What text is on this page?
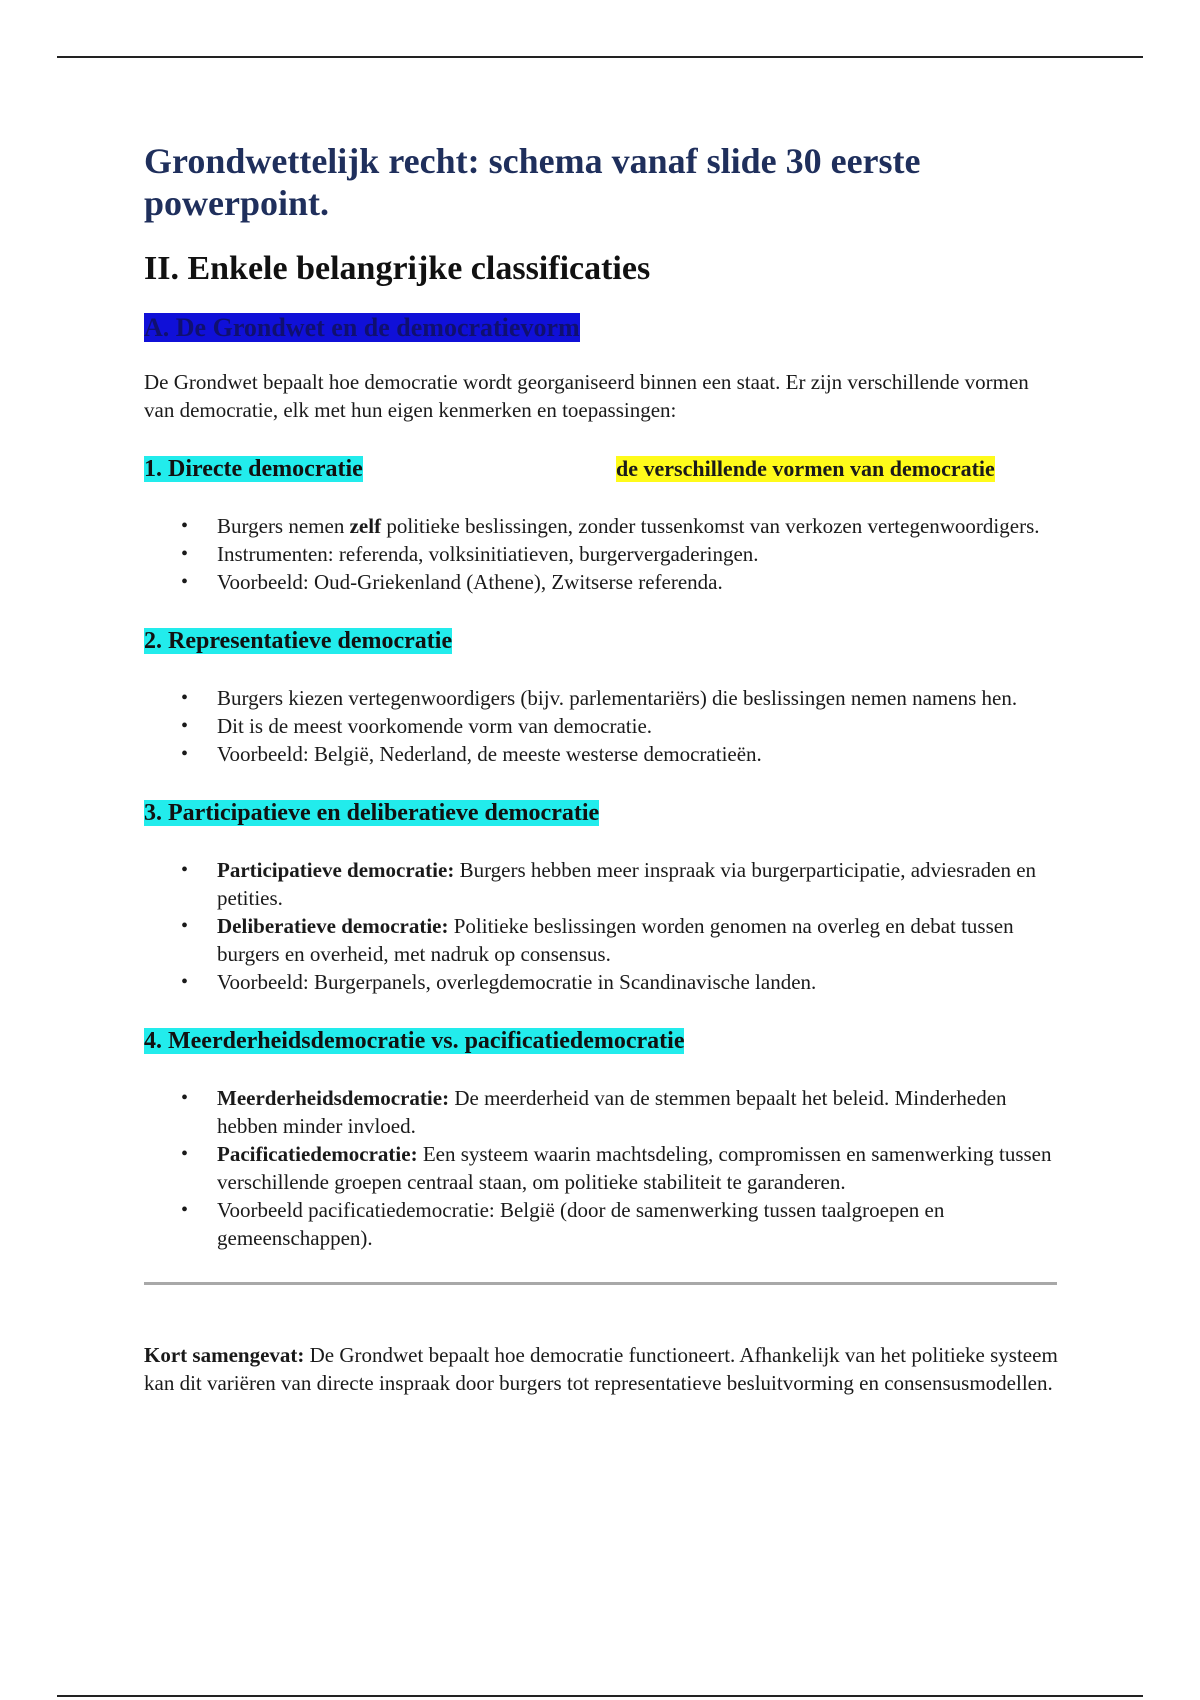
Grondwettelijk recht: schema vanaf slide 30 eerste powerpoint.
II. Enkele belangrijke classificaties
A. De Grondwet en de democratievorm

De Grondwet bepaalt hoe democratie wordt georganiseerd binnen een staat. Er zijn verschillende vormen van democratie, elk met hun eigen kenmerken en toepassingen:

1. Directe democratie	de verschillende vormen van democratie
• Burgers nemen zelf politieke beslissingen, zonder tussenkomst van verkozen vertegenwoordigers.
• Instrumenten: referenda, volksinitiatieven, burgervergaderingen.
• Voorbeeld: Oud-Griekenland (Athene), Zwitserse referenda.
2. Representatieve democratie
• Burgers kiezen vertegenwoordigers (bijv. parlementariërs) die beslissingen nemen namens hen.
• Dit is de meest voorkomende vorm van democratie.
• Voorbeeld: België, Nederland, de meeste westerse democratieën.
3. Participatieve en deliberatieve democratie
• Participatieve democratie: Burgers hebben meer inspraak via burgerparticipatie, adviesraden en petities.
• Deliberatieve democratie: Politieke beslissingen worden genomen na overleg en debat tussen burgers en overheid, met nadruk op consensus.
• Voorbeeld: Burgerpanels, overlegdemocratie in Scandinavische landen.
4. Meerderheidsdemocratie vs. pacificatiedemocratie
• Meerderheidsdemocratie: De meerderheid van de stemmen bepaalt het beleid. Minderheden hebben minder invloed.
• Pacificatiedemocratie: Een systeem waarin machtsdeling, compromissen en samenwerking tussen verschillende groepen centraal staan, om politieke stabiliteit te garanderen.
• Voorbeeld pacificatiedemocratie: België (door de samenwerking tussen taalgroepen en gemeenschappen).

Kort samengevat: De Grondwet bepaalt hoe democratie functioneert. Afhankelijk van het politieke systeem kan dit variëren van directe inspraak door burgers tot representatieve besluitvorming en consensusmodellen.
